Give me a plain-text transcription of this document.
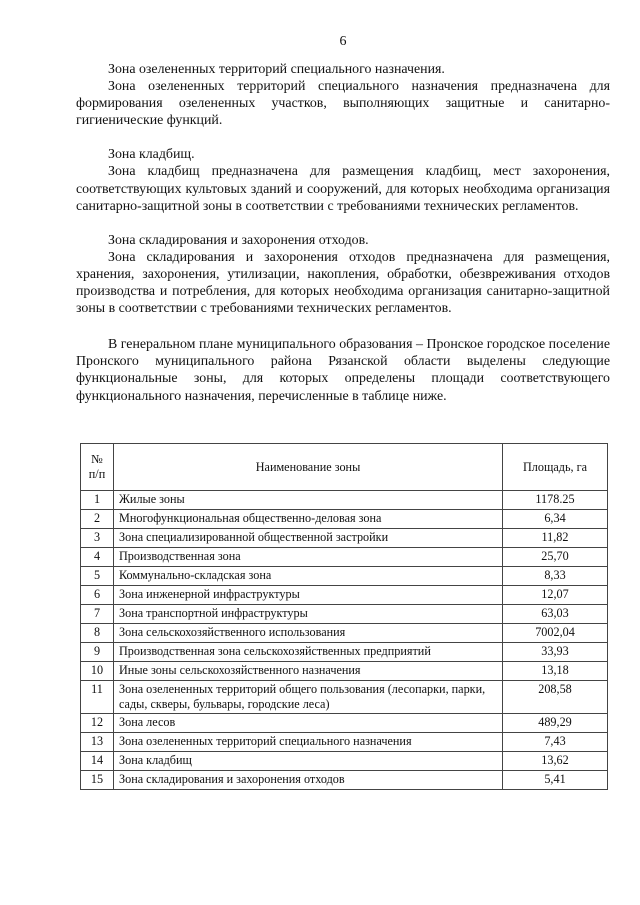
6

Зона озелененных территорий специального назначения.

Зона озелененных территорий специального назначения предназначена для формирования озелененных участков, выполняющих защитные и санитарно-гигиенические функций.

Зона кладбищ.

Зона кладбищ предназначена для размещения кладбищ, мест захоронения, соответствующих культовых зданий и сооружений, для которых необходима организация санитарно-защитной зоны в соответствии с требованиями технических регламентов.

Зона складирования и захоронения отходов.

Зона складирования и захоронения отходов предназначена для размещения, хранения, захоронения, утилизации, накопления, обработки, обезвреживания отходов производства и потребления, для которых необходима организация санитарно-защитной зоны в соответствии с требованиями технических регламентов.

В генеральном плане муниципального образования – Пронское городское поселение Пронского муниципального района Рязанской области выделены следующие функциональные зоны, для которых определены площади соответствующего функционального назначения, перечисленные в таблице ниже.

№ п/п	Наименование зоны	Площадь, га
1	Жилые зоны	1178.25
2	Многофункциональная общественно-деловая зона	6,34
3	Зона специализированной общественной застройки	11,82
4	Производственная зона	25,70
5	Коммунально-складская зона	8,33
6	Зона инженерной инфраструктуры	12,07
7	Зона транспортной инфраструктуры	63,03
8	Зона сельскохозяйственного использования	7002,04
9	Производственная зона сельскохозяйственных предприятий	33,93
10	Иные зоны сельскохозяйственного назначения	13,18
11	Зона озелененных территорий общего пользования (лесопарки, парки, сады, скверы, бульвары, городские леса)	208,58
12	Зона лесов	489,29
13	Зона озелененных территорий специального назначения	7,43
14	Зона кладбищ	13,62
15	Зона складирования и захоронения отходов	5,41
